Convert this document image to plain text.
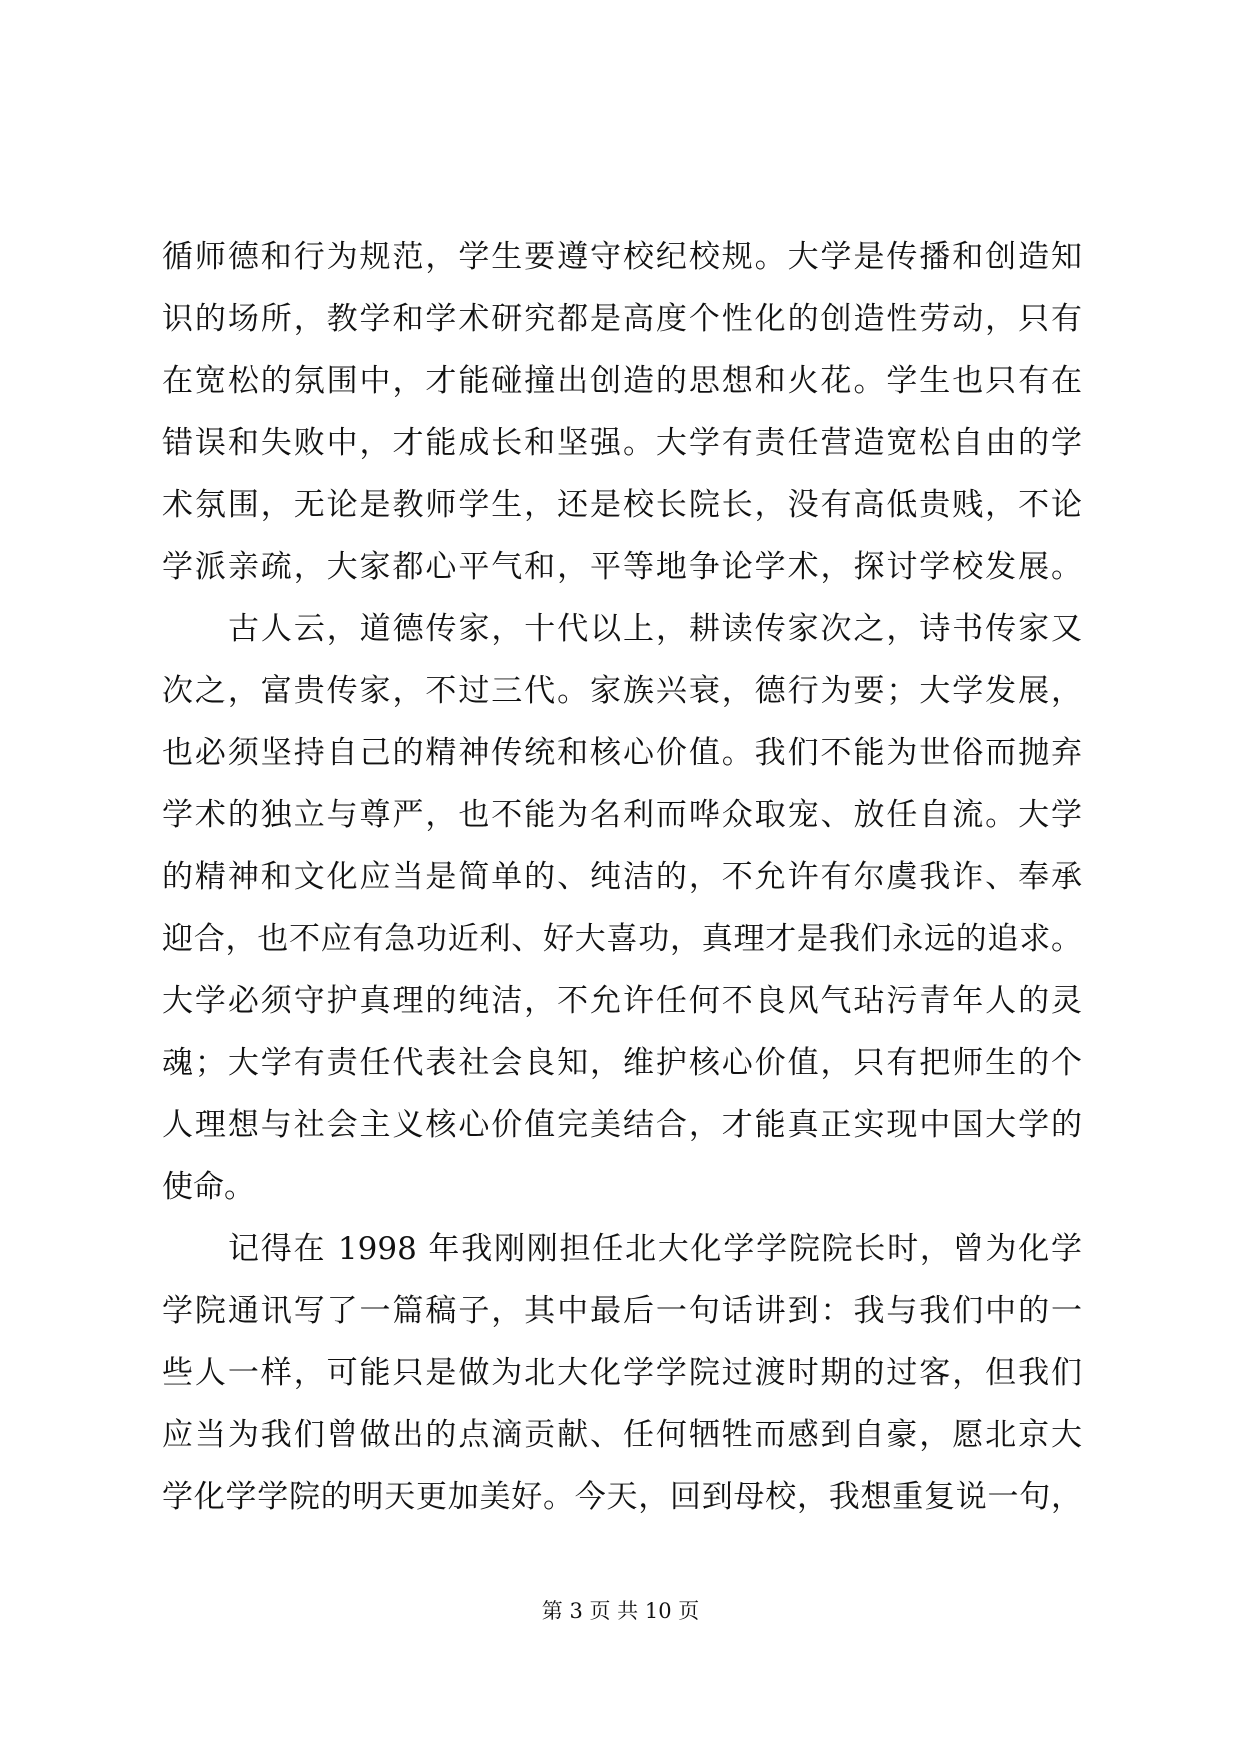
循师德和行为规范，学生要遵守校纪校规。大学是传播和创造知
识的场所，教学和学术研究都是高度个性化的创造性劳动，只有
在宽松的氛围中，才能碰撞出创造的思想和火花。学生也只有在
错误和失败中，才能成长和坚强。大学有责任营造宽松自由的学
术氛围，无论是教师学生，还是校长院长，没有高低贵贱，不论
学派亲疏，大家都心平气和，平等地争论学术，探讨学校发展。
古人云，道德传家，十代以上，耕读传家次之，诗书传家又
次之，富贵传家，不过三代。家族兴衰，德行为要；大学发展，
也必须坚持自己的精神传统和核心价值。我们不能为世俗而抛弃
学术的独立与尊严，也不能为名利而哗众取宠、放任自流。大学
的精神和文化应当是简单的、纯洁的，不允许有尔虞我诈、奉承
迎合，也不应有急功近利、好大喜功，真理才是我们永远的追求。
大学必须守护真理的纯洁，不允许任何不良风气玷污青年人的灵
魂；大学有责任代表社会良知，维护核心价值，只有把师生的个
人理想与社会主义核心价值完美结合，才能真正实现中国大学的
使命。
记得在 1998 年我刚刚担任北大化学学院院长时，曾为化学
学院通讯写了一篇稿子，其中最后一句话讲到：我与我们中的一
些人一样，可能只是做为北大化学学院过渡时期的过客，但我们
应当为我们曾做出的点滴贡献、任何牺牲而感到自豪，愿北京大
学化学学院的明天更加美好。今天，回到母校，我想重复说一句，
第 3 页 共 10 页
